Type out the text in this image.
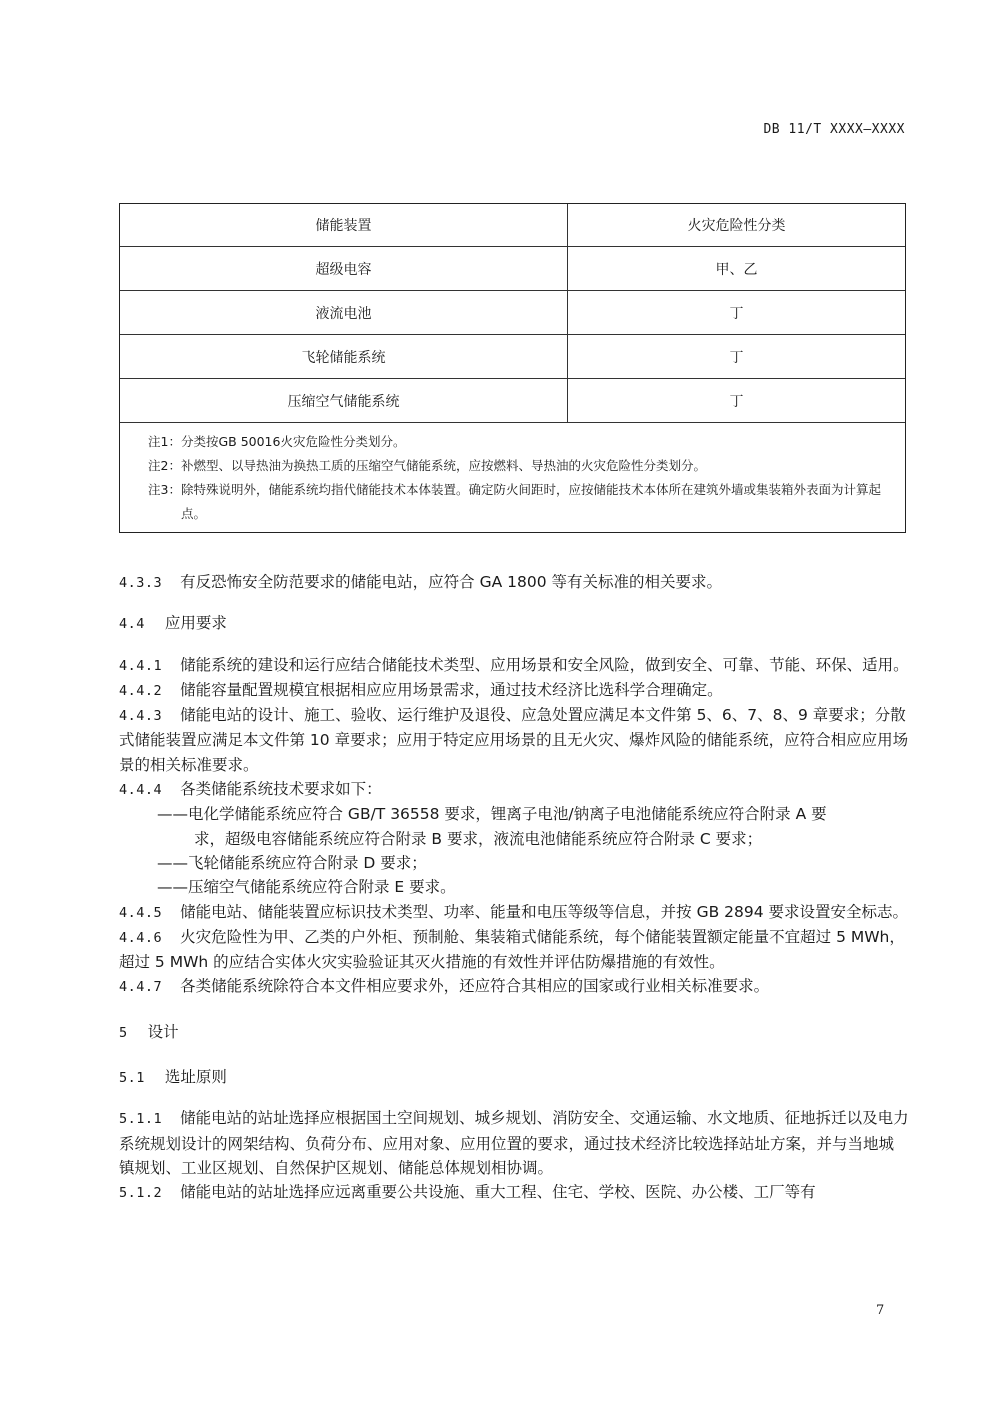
DB 11/T XXXX—XXXX
储能装置	火灾危险性分类
超级电容	甲、乙
液流电池	丁
飞轮储能系统	丁
压缩空气储能系统	丁
注1： 分类按GB 50016火灾危险性分类划分。
注2： 补燃型、以导热油为换热工质的压缩空气储能系统，应按燃料、导热油的火灾危险性分类划分。
注3： 除特殊说明外，储能系统均指代储能技术本体装置。确定防火间距时，应按储能技术本体所在建筑外墙或集装箱外表面为计算起点。

4.3.3 有反恐怖安全防范要求的储能电站，应符合 GA 1800 等有关标准的相关要求。

4.4 应用要求

4.4.1 储能系统的建设和运行应结合储能技术类型、应用场景和安全风险，做到安全、可靠、节能、环保、适用。

4.4.2 储能容量配置规模宜根据相应应用场景需求，通过技术经济比选科学合理确定。

4.4.3 储能电站的设计、施工、验收、运行维护及退役、应急处置应满足本文件第 5、6、7、8、9 章要求；分散式储能装置应满足本文件第 10 章要求；应用于特定应用场景的且无火灾、爆炸风险的储能系统，应符合相应应用场景的相关标准要求。

4.4.4 各类储能系统技术要求如下：

——电化学储能系统应符合 GB/T 36558 要求，锂离子电池/钠离子电池储能系统应符合附录 A 要

求，超级电容储能系统应符合附录 B 要求，液流电池储能系统应符合附录 C 要求；

——飞轮储能系统应符合附录 D 要求；

——压缩空气储能系统应符合附录 E 要求。

4.4.5 储能电站、储能装置应标识技术类型、功率、能量和电压等级等信息，并按 GB 2894 要求设置安全标志。

4.4.6 火灾危险性为甲、乙类的户外柜、预制舱、集装箱式储能系统，每个储能装置额定能量不宜超过 5 MWh，超过 5 MWh 的应结合实体火灾实验验证其灭火措施的有效性并评估防爆措施的有效性。

4.4.7 各类储能系统除符合本文件相应要求外，还应符合其相应的国家或行业相关标准要求。

5 设计

5.1 选址原则

5.1.1 储能电站的站址选择应根据国土空间规划、城乡规划、消防安全、交通运输、水文地质、征地拆迁以及电力系统规划设计的网架结构、负荷分布、应用对象、应用位置的要求，通过技术经济比较选择站址方案，并与当地城镇规划、工业区规划、自然保护区规划、储能总体规划相协调。

5.1.2 储能电站的站址选择应远离重要公共设施、重大工程、住宅、学校、医院、办公楼、工厂等有

7
